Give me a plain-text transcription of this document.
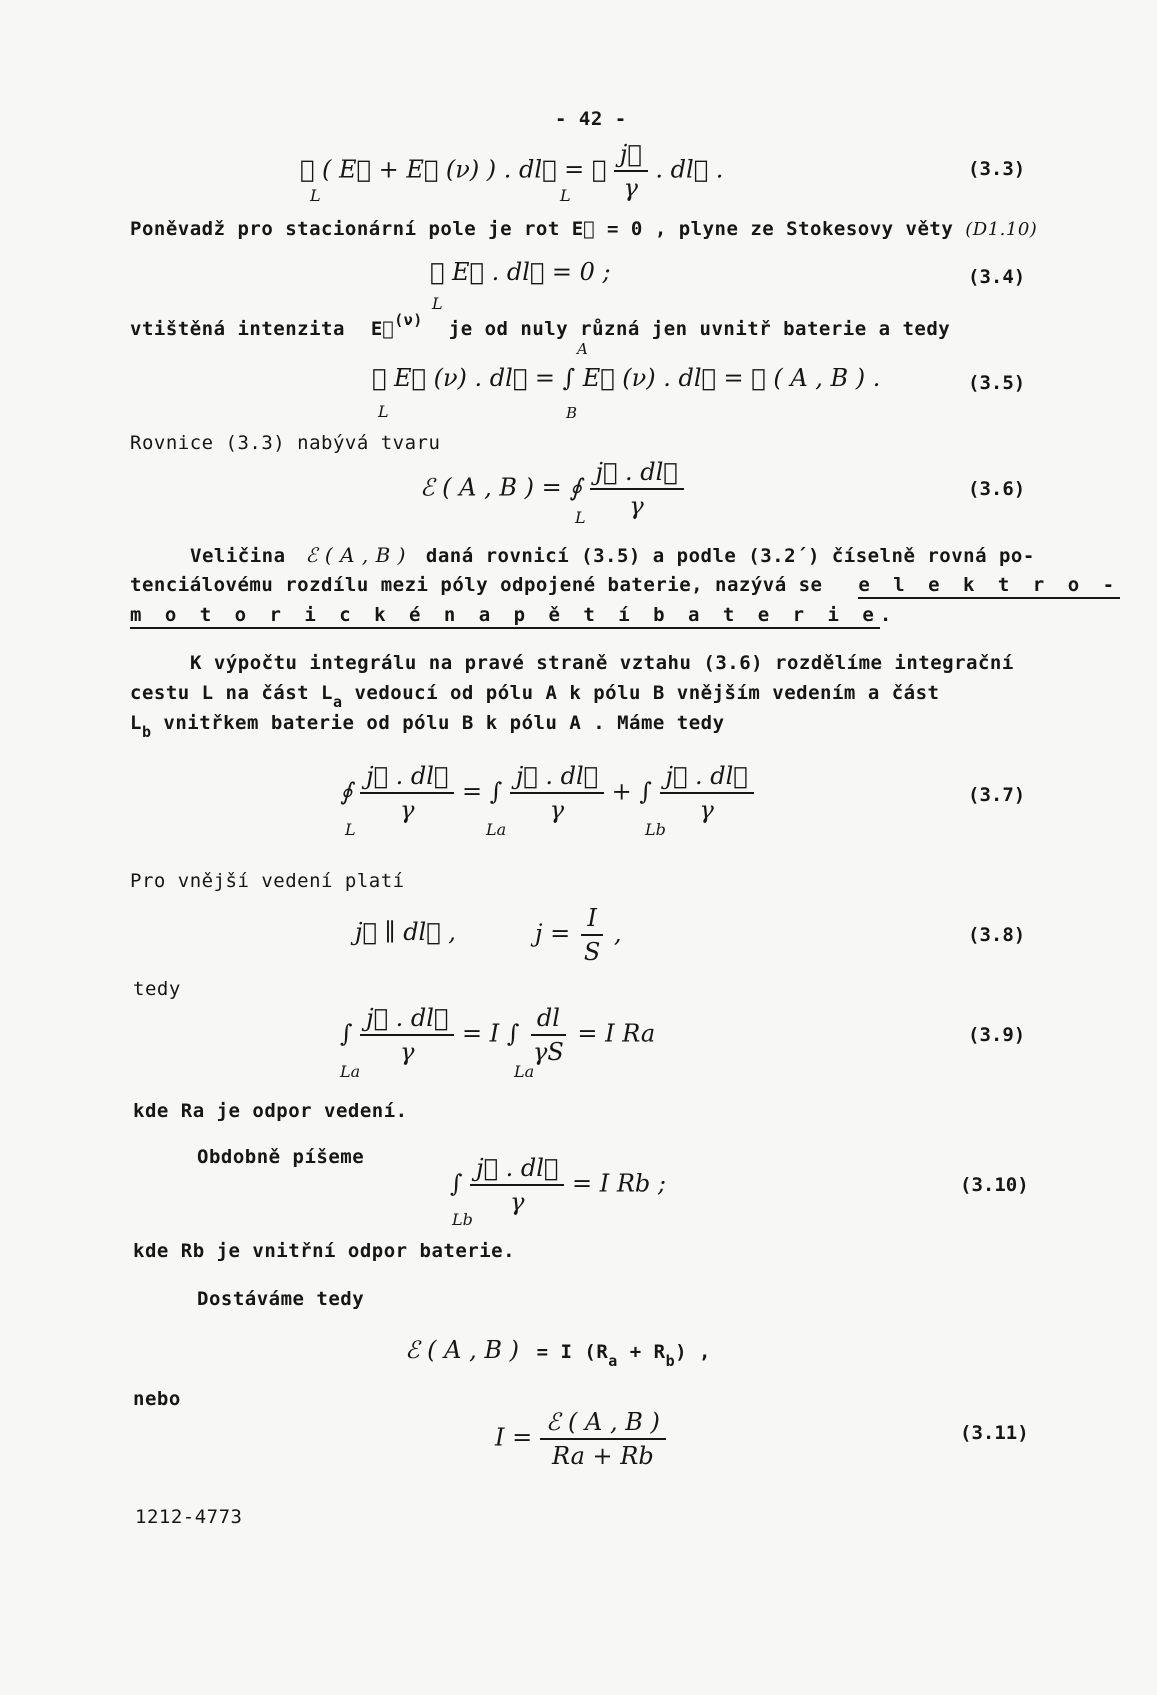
- 42 -
∮ ( E⃗ + E⃗ (ν) ) . dl⃗ = ∮ $\frac{j⃗}{\gamma}$ . dl⃗ .
L	L
(3.3)
Poněvadž pro stacionární pole je rot E⃗ = 0 , plyne ze Stokesovy věty (D1.10)
∮ E⃗ . dl⃗ = 0 ;
L
(3.4)
vtištěná intenzita E⃗$^{(\nu)}$ je od nuly různá jen uvnitř baterie a tedy
A
∮ E⃗ (ν) . dl⃗ = ∫ E⃗ (ν) . dl⃗ = ℰ ( A , B ) .
L	B
(3.5)
Rovnice (3.3) nabývá tvaru
ℰ ( A , B ) = ∮ $\frac{j⃗ . dl⃗}{\gamma}$
L
(3.6)
Veličina ℰ ( A , B ) daná rovnicí (3.5) a podle (3.2´) číselně rovná po-
tenciálovému rozdílu mezi póly odpojené baterie, nazývá se e l e k t r o -
m o t o r i c k é n a p ě t í b a t e r i e.
K výpočtu integrálu na pravé straně vztahu (3.6) rozdělíme integrační
cestu L na část $L_a$ vedoucí od pólu A k pólu B vnějším vedením a část
$L_b$ vnitřkem baterie od pólu B k pólu A . Máme tedy
∮ $\frac{j⃗ . dl⃗}{\gamma}$ = ∫ $\frac{j⃗ . dl⃗}{\gamma}$ + ∫ $\frac{j⃗ . dl⃗}{\gamma}$
L	La	Lb
(3.7)
Pro vnější vedení platí
j⃗ ∥ dl⃗ ,	$j = \frac{I}{S}$ ,	(3.8)
tedy
∫ $\frac{j⃗ . dl⃗}{\gamma} = I$ ∫ $\frac{dl}{\gamma S} = I$ Ra
La	La
(3.9)
kde Ra je odpor vedení.
Obdobně píšeme
∫ $\frac{j⃗ . dl⃗}{\gamma} = I$ Rb ;
Lb
(3.10)
kde Rb je vnitřní odpor baterie.
Dostáváme tedy
ℰ ( A , B ) = I $(R_a + R_b)$ ,
nebo
$I = \frac{\text{ℰ ( A , B )}}{Ra + Rb}$	(3.11)
1212-4773
